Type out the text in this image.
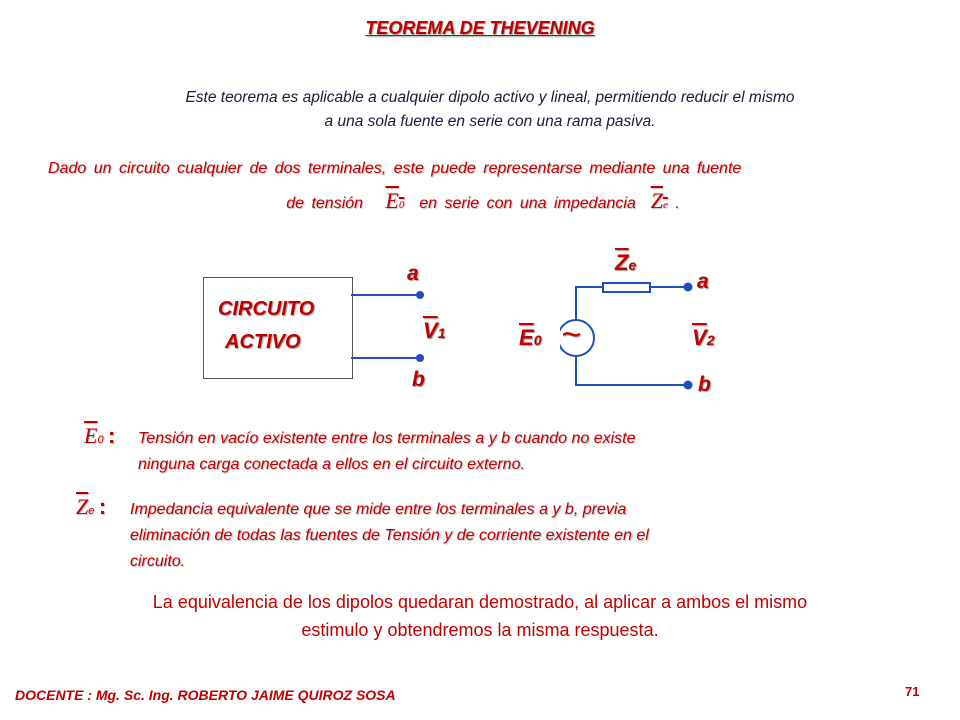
TEOREMA DE THEVENING
Este teorema es aplicable a cualquier dipolo activo y lineal, permitiendo reducir el mismo
a una sola fuente en serie con una rama pasiva.
Dado un circuito cualquier de dos terminales, este puede representarse mediante una fuente
de tensión E0 en serie con una impedancia Ze .
CIRCUITO
ACTIVO
a
b
$\overline{V}1$	~
$\overline{Z}e$
$\overline{E}0$
a
b
$\overline{V}2$
$\overline{E}0$ : Tensión en vacío existente entre los terminales a y b cuando no existe
ninguna carga conectada a ellos en el circuito externo.
$\overline{Z}e$ : Impedancia equivalente que se mide entre los terminales a y b, previa
eliminación de todas las fuentes de Tensión y de corriente existente en el
circuito.
La equivalencia de los dipolos quedaran demostrado, al aplicar a ambos el mismo
estimulo y obtendremos la misma respuesta.
DOCENTE : Mg. Sc. Ing. ROBERTO JAIME QUIROZ SOSA	71
